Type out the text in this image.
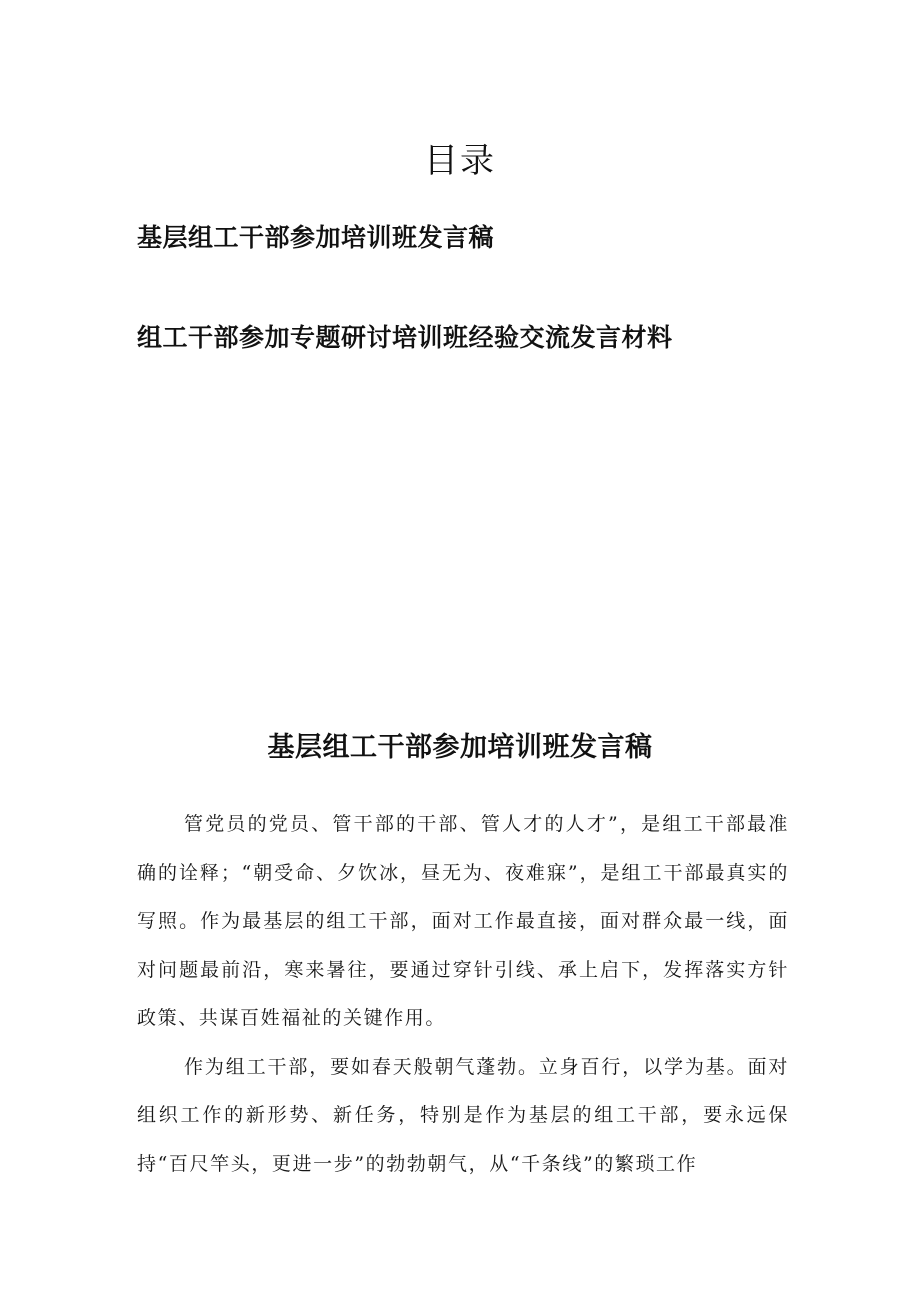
目录
基层组工干部参加培训班发言稿
组工干部参加专题研讨培训班经验交流发言材料
基层组工干部参加培训班发言稿

管党员的党员、管干部的干部、管人才的人才”，是组工干部最准确的诠释；“朝受命、夕饮冰，昼无为、夜难寐”，是组工干部最真实的写照。作为最基层的组工干部，面对工作最直接，面对群众最一线，面对问题最前沿，寒来暑往，要通过穿针引线、承上启下，发挥落实方针政策、共谋百姓福祉的关键作用。

作为组工干部，要如春天般朝气蓬勃。立身百行，以学为基。面对组织工作的新形势、新任务，特别是作为基层的组工干部，要永远保持“百尺竿头，更进一步”的勃勃朝气，从“千条线”的繁琐工作
